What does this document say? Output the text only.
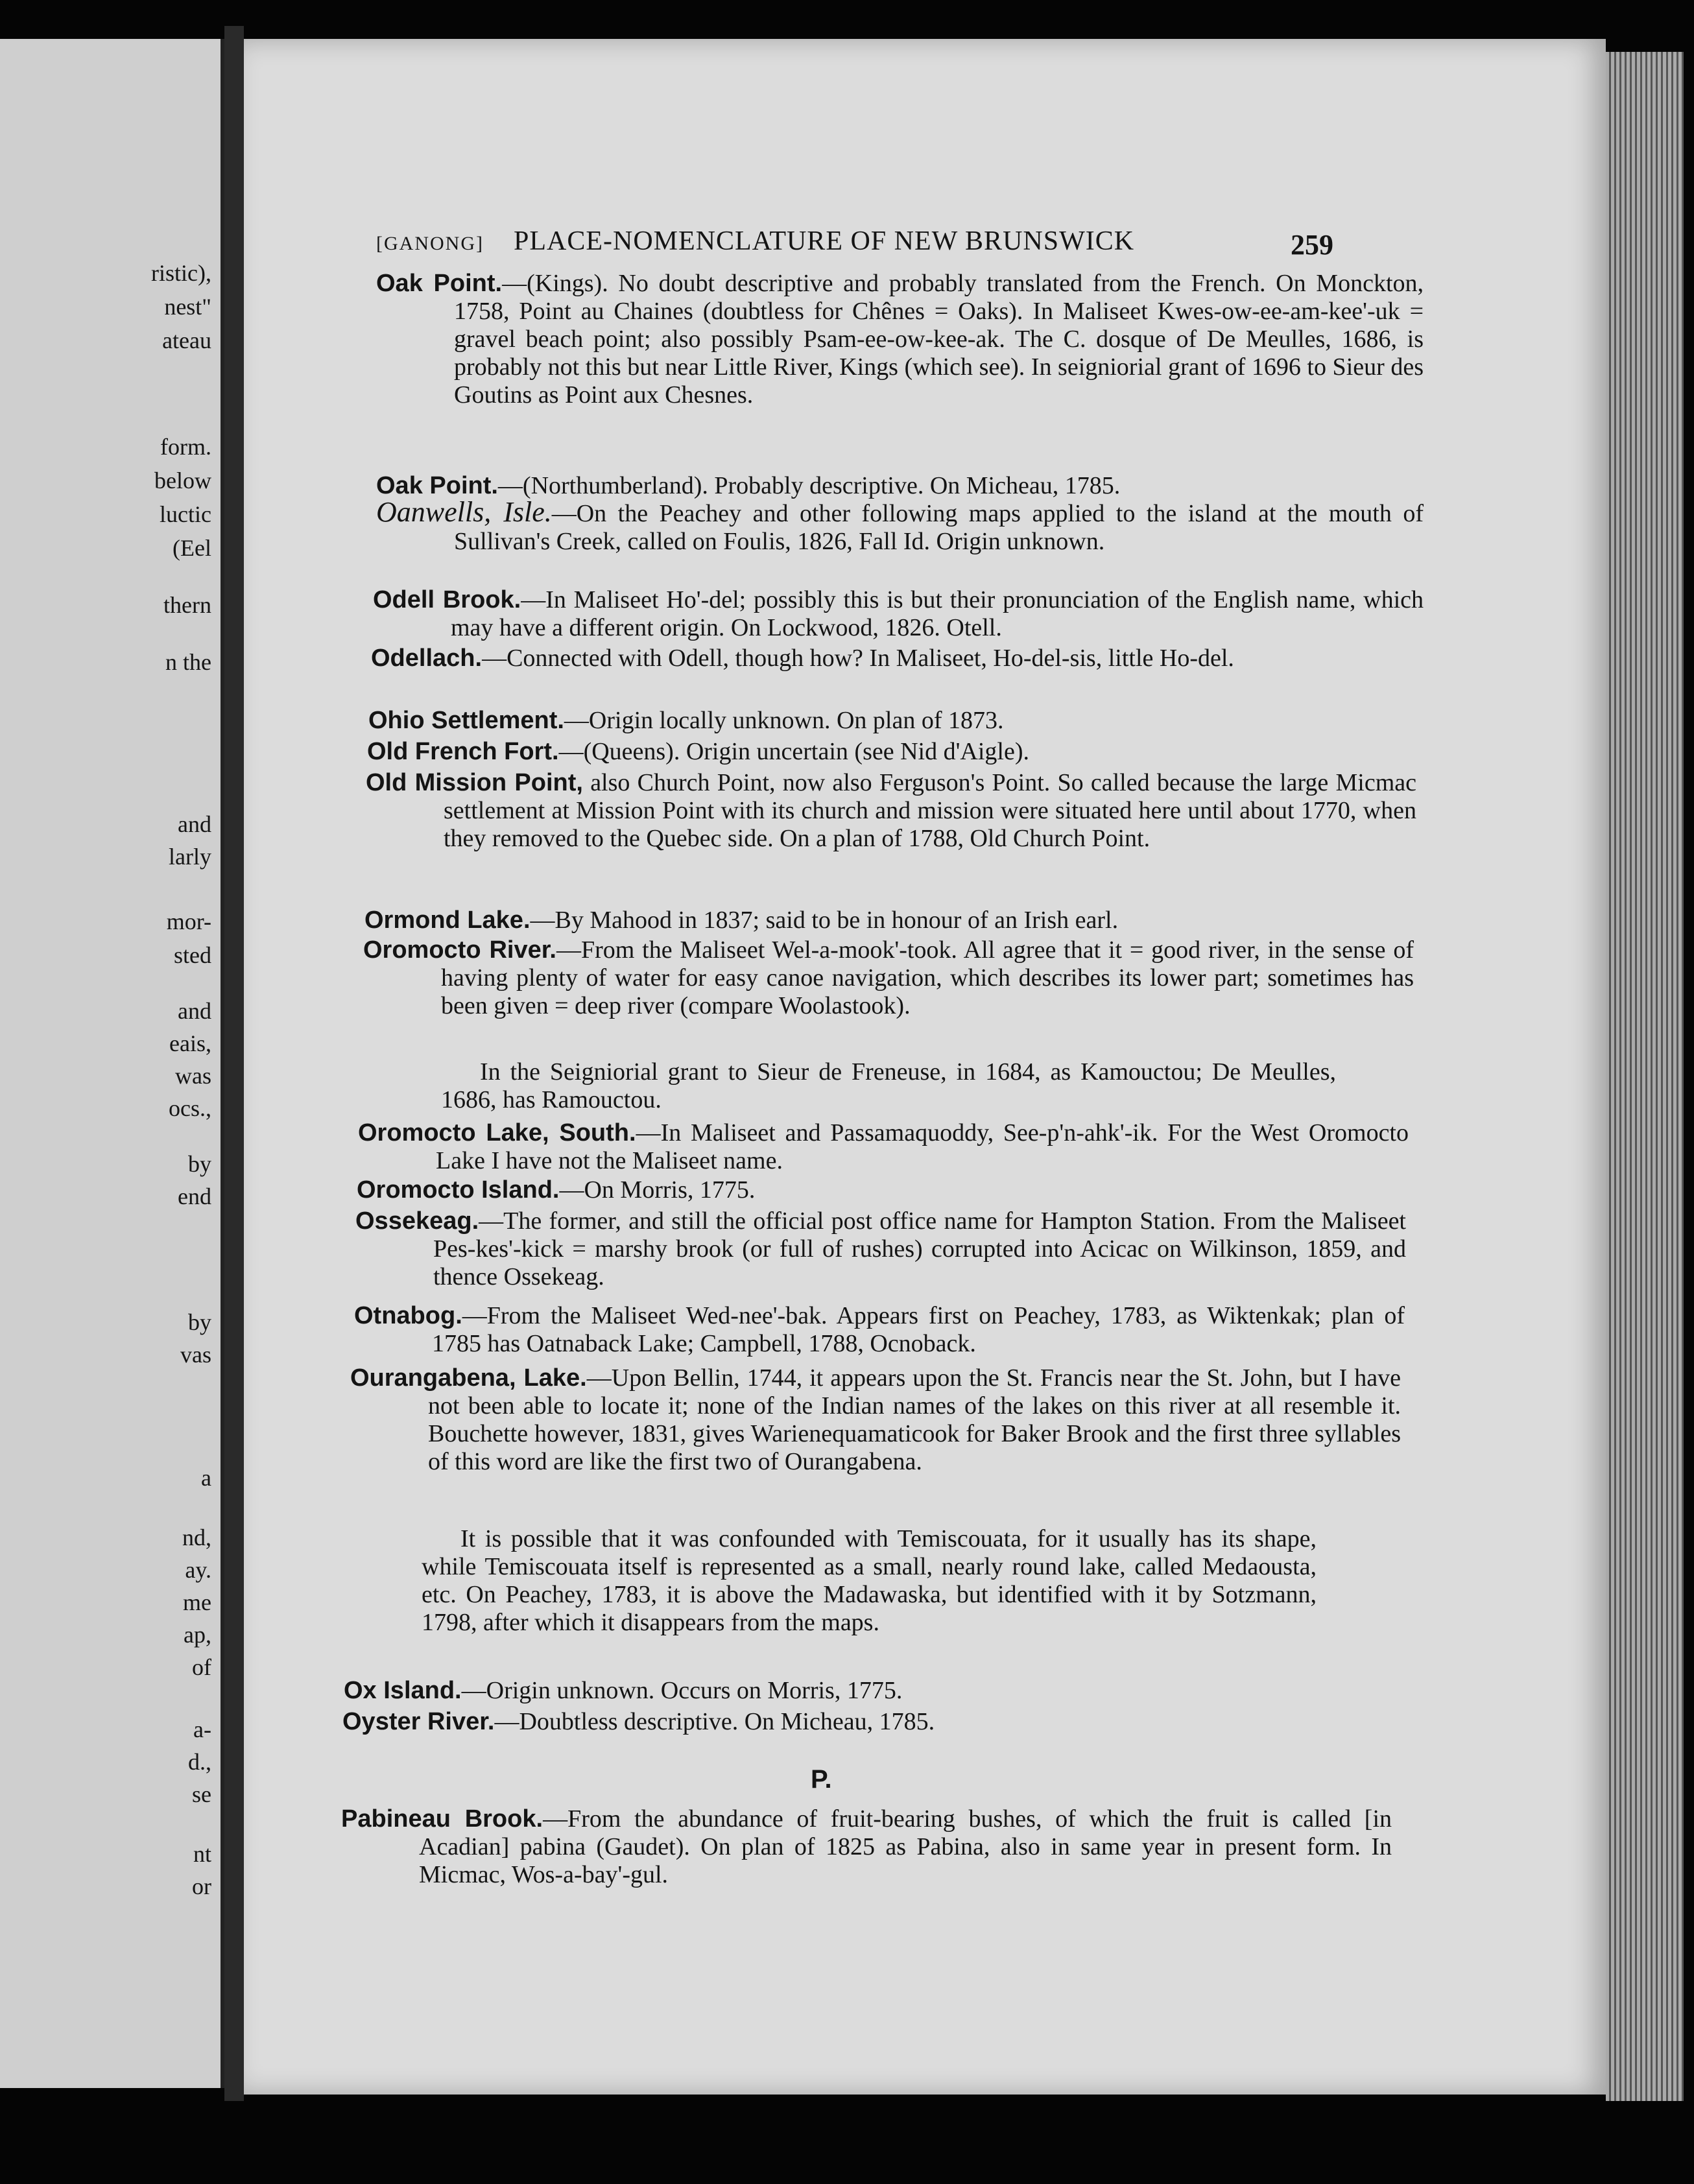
ristic),
nest"
ateau
form.
below
luctic
(Eel
thern
n the
and
larly
mor-
sted
and
eais,
was
ocs.,
by
end
by
vas
a
nd,
ay.
me
ap,
of
a-
d.,
se
nt
or
[GANONG] PLACE-NOMENCLATURE OF NEW BRUNSWICK	259
Oak Point.—(Kings). No doubt descriptive and probably translated from the French. On Monckton, 1758, Point au Chaines (doubtless for Chênes = Oaks). In Maliseet Kwes-ow-ee-am-kee'-uk = gravel beach point; also possibly Psam-ee-ow-kee-ak. The C. dosque of De Meulles, 1686, is probably not this but near Little River, Kings (which see). In seigniorial grant of 1696 to Sieur des Goutins as Point aux Chesnes.
Oak Point.—(Northumberland). Probably descriptive. On Micheau, 1785.
Oanwells, Isle.—On the Peachey and other following maps applied to the island at the mouth of Sullivan's Creek, called on Foulis, 1826, Fall Id. Origin unknown.
Odell Brook.—In Maliseet Ho'-del; possibly this is but their pronunciation of the English name, which may have a different origin. On Lockwood, 1826. Otell.
Odellach.—Connected with Odell, though how? In Maliseet, Ho-del-sis, little Ho-del.
Ohio Settlement.—Origin locally unknown. On plan of 1873.
Old French Fort.—(Queens). Origin uncertain (see Nid d'Aigle).
Old Mission Point, also Church Point, now also Ferguson's Point. So called because the large Micmac settlement at Mission Point with its church and mission were situated here until about 1770, when they removed to the Quebec side. On a plan of 1788, Old Church Point.
Ormond Lake.—By Mahood in 1837; said to be in honour of an Irish earl.
Oromocto River.—From the Maliseet Wel-a-mook'-took. All agree that it = good river, in the sense of having plenty of water for easy canoe navigation, which describes its lower part; sometimes has been given = deep river (compare Woolastook).
In the Seigniorial grant to Sieur de Freneuse, in 1684, as Kamouctou; De Meulles, 1686, has Ramouctou.
Oromocto Lake, South.—In Maliseet and Passamaquoddy, See-p'n-ahk'-ik. For the West Oromocto Lake I have not the Maliseet name.
Oromocto Island.—On Morris, 1775.
Ossekeag.—The former, and still the official post office name for Hampton Station. From the Maliseet Pes-kes'-kick = marshy brook (or full of rushes) corrupted into Acicac on Wilkinson, 1859, and thence Ossekeag.
Otnabog.—From the Maliseet Wed-nee'-bak. Appears first on Peachey, 1783, as Wiktenkak; plan of 1785 has Oatnaback Lake; Campbell, 1788, Ocnoback.
Ourangabena, Lake.—Upon Bellin, 1744, it appears upon the St. Francis near the St. John, but I have not been able to locate it; none of the Indian names of the lakes on this river at all resemble it. Bouchette however, 1831, gives Warienequamaticook for Baker Brook and the first three syllables of this word are like the first two of Ourangabena.
It is possible that it was confounded with Temiscouata, for it usually has its shape, while Temiscouata itself is represented as a small, nearly round lake, called Medaousta, etc. On Peachey, 1783, it is above the Madawaska, but identified with it by Sotzmann, 1798, after which it disappears from the maps.
Ox Island.—Origin unknown. Occurs on Morris, 1775.
Oyster River.—Doubtless descriptive. On Micheau, 1785.
P.
Pabineau Brook.—From the abundance of fruit-bearing bushes, of which the fruit is called [in Acadian] pabina (Gaudet). On plan of 1825 as Pabina, also in same year in present form. In Micmac, Wos-a-bay'-gul.
